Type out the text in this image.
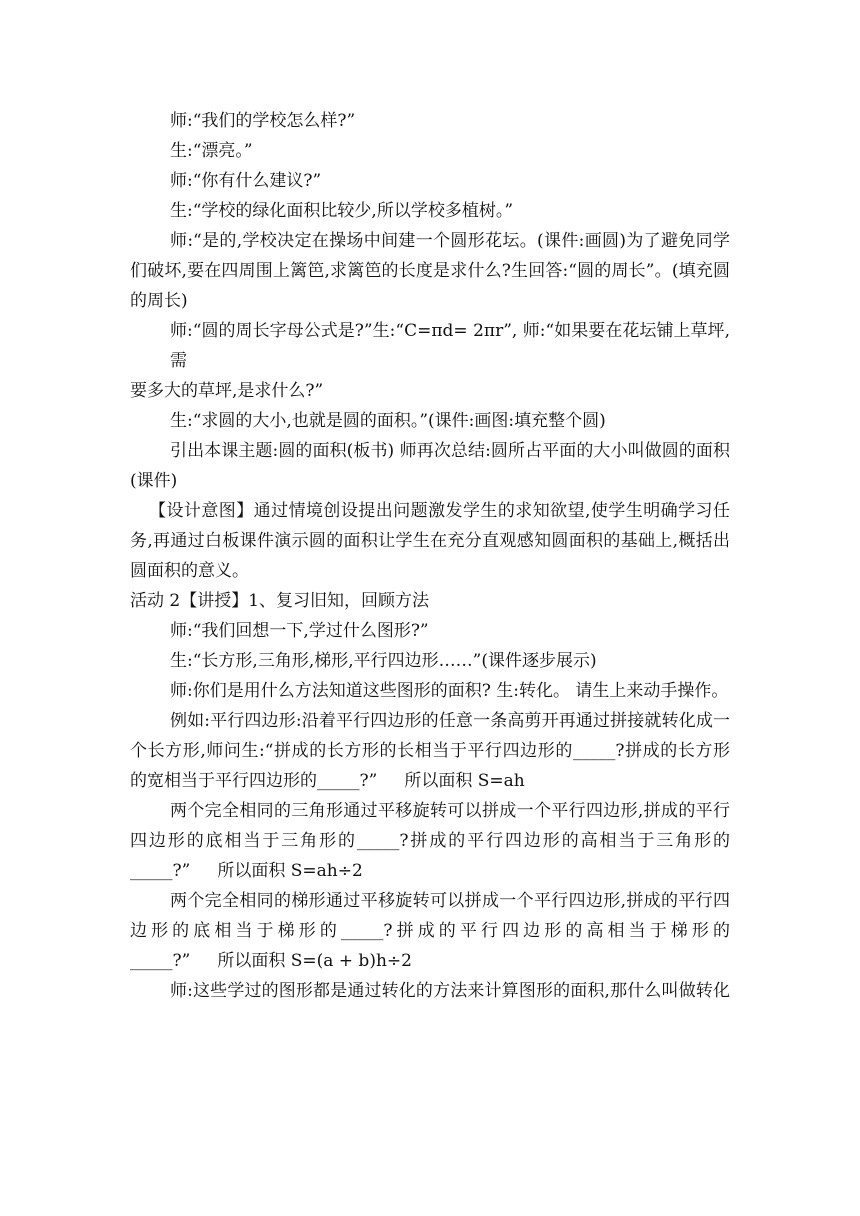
师:“我们的学校怎么样?”
生:“漂亮。”
师:“你有什么建议?”
生:“学校的绿化面积比较少,所以学校多植树。”
师:“是的,学校决定在操场中间建一个圆形花坛。(课件:画圆)为了避免同学
们破坏,要在四周围上篱笆,求篱笆的长度是求什么?生回答:“圆的周长”。(填充圆
的周长)
师:“圆的周长字母公式是?”生:“C=πd= 2πr”, 师:“如果要在花坛铺上草坪,需
要多大的草坪,是求什么?”
生:“求圆的大小,也就是圆的面积。”(课件:画图:填充整个圆)
引出本课主题:圆的面积(板书) 师再次总结:圆所占平面的大小叫做圆的面积
(课件)
【设计意图】通过情境创设提出问题激发学生的求知欲望,使学生明确学习任
务,再通过白板课件演示圆的面积让学生在充分直观感知圆面积的基础上,概括出
圆面积的意义。
活动 2【讲授】1、复习旧知，回顾方法
师:“我们回想一下,学过什么图形?”
生:“长方形,三角形,梯形,平行四边形……”(课件逐步展示)
师:你们是用什么方法知道这些图形的面积? 生:转化。 请生上来动手操作。
例如:平行四边形:沿着平行四边形的任意一条高剪开再通过拼接就转化成一
个长方形,师问生:“拼成的长方形的长相当于平行四边形的_____?拼成的长方形
的宽相当于平行四边形的_____?”     所以面积 S=ah
两个完全相同的三角形通过平移旋转可以拼成一个平行四边形,拼成的平行
四边形的底相当于三角形的_____?拼成的平行四边形的高相当于三角形的
_____?”     所以面积 S=ah÷2
两个完全相同的梯形通过平移旋转可以拼成一个平行四边形,拼成的平行四
边形的底相当于梯形的_____?拼成的平行四边形的高相当于梯形的
_____?”     所以面积 S=(a + b)h÷2
师:这些学过的图形都是通过转化的方法来计算图形的面积,那什么叫做转化
